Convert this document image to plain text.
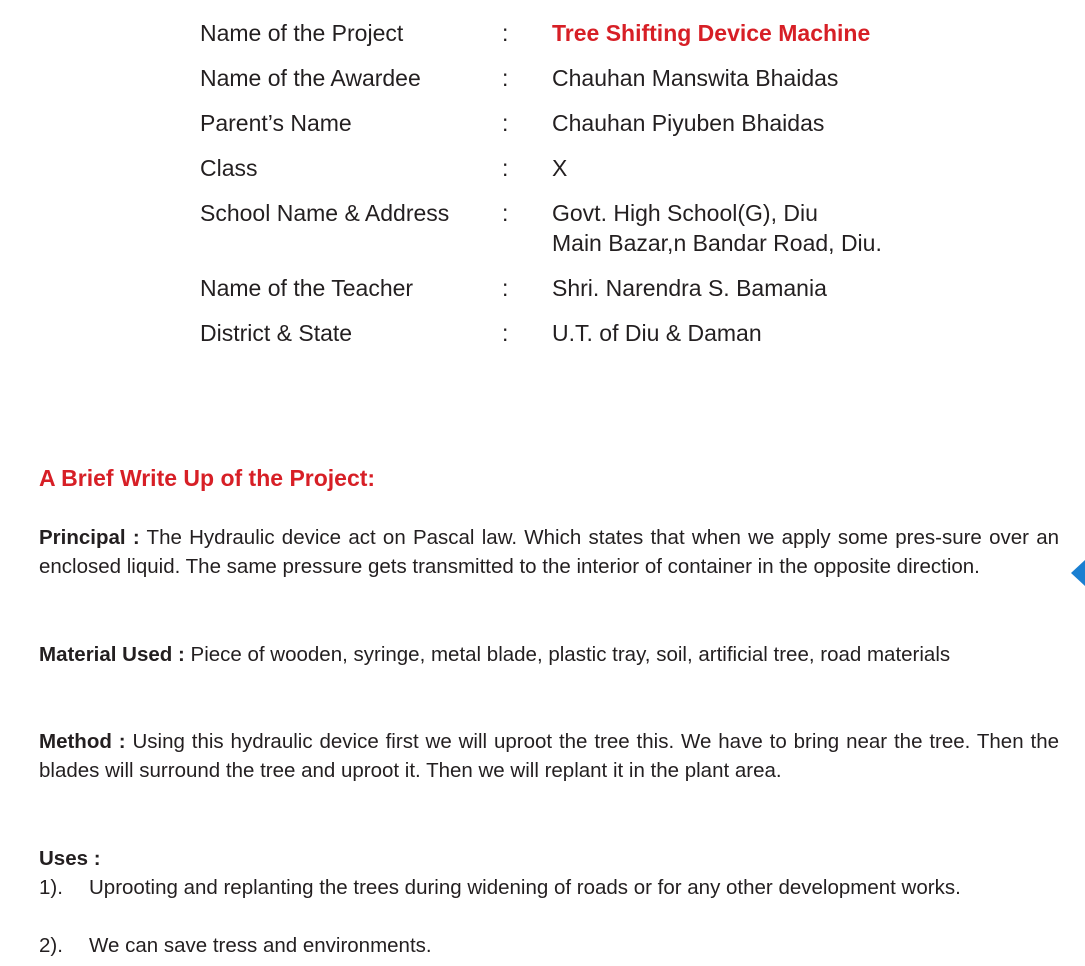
Name of the Project	: Tree Shifting Device Machine
Name of the Awardee	: Chauhan Manswita Bhaidas
Parent’s Name	: Chauhan Piyuben Bhaidas
Class	: X
School Name & Address : Govt. High School(G), Diu
Main Bazar,n Bandar Road, Diu.
Name of the Teacher	: Shri. Narendra S. Bamania
District & State	: U.T. of Diu & Daman
A Brief Write Up of the Project:
Principal : The Hydraulic device act on Pascal law. Which states that when we apply some pres-sure over an enclosed liquid. The same pressure gets transmitted to the interior of container in the opposite direction.
Material Used : Piece of wooden, syringe, metal blade, plastic tray, soil, artificial tree, road materials
Method : Using this hydraulic device first we will uproot the tree this. We have to bring near the tree. Then the blades will surround the tree and uproot it. Then we will replant it in the plant area.
Uses :
1). Uprooting and replanting the trees during widening of roads or for any other development works.
2). We can save tress and environments.
